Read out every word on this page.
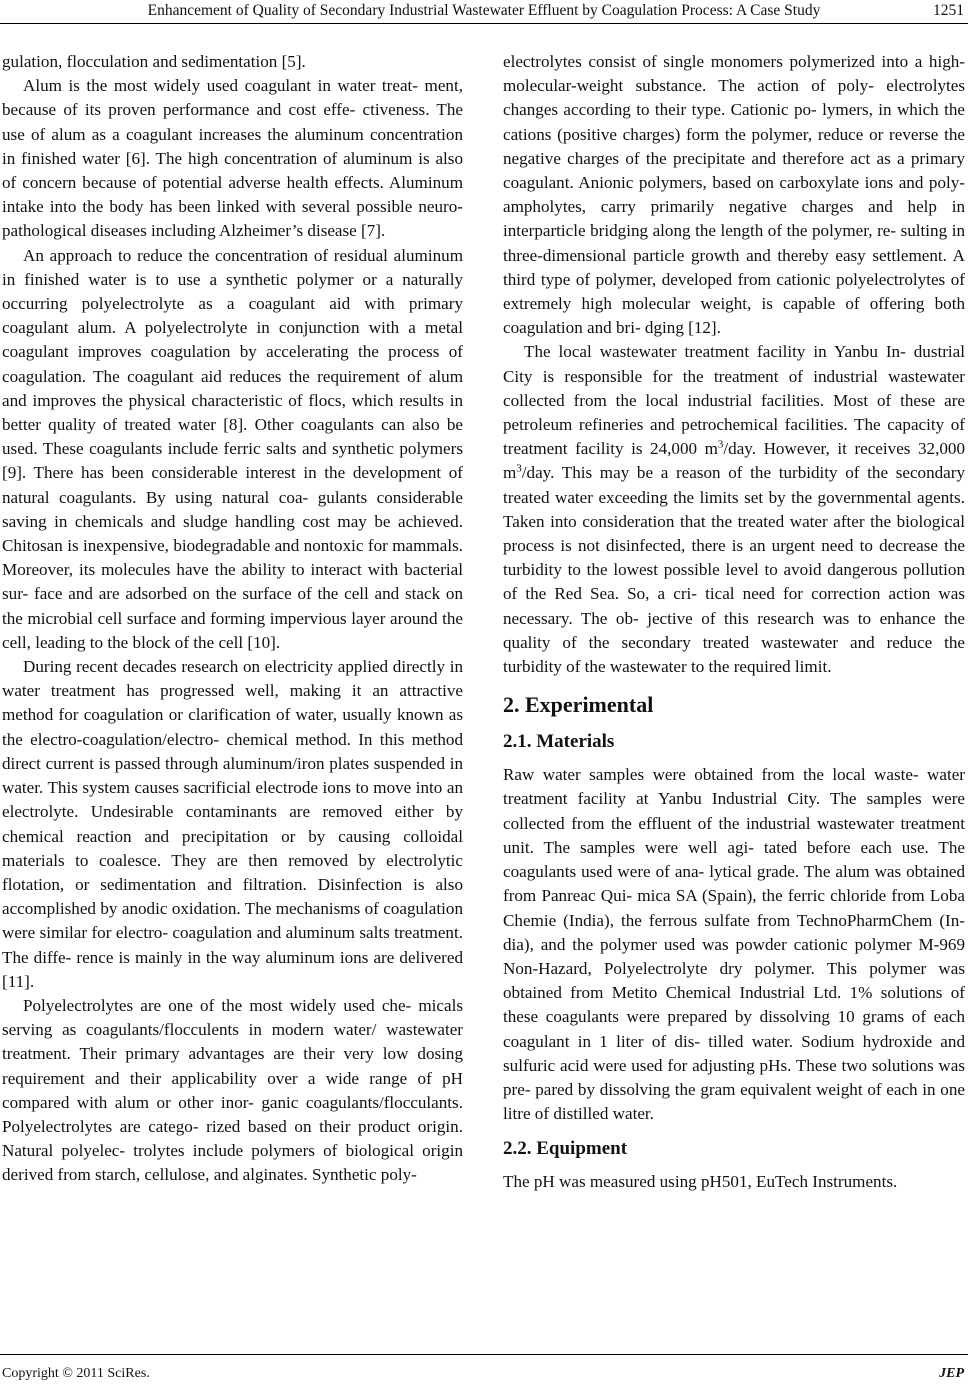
Enhancement of Quality of Secondary Industrial Wastewater Effluent by Coagulation Process: A Case Study	1251

gulation, flocculation and sedimentation [5].

Alum is the most widely used coagulant in water treat- ment, because of its proven performance and cost effe- ctiveness. The use of alum as a coagulant increases the aluminum concentration in finished water [6]. The high concentration of aluminum is also of concern because of potential adverse health effects. Aluminum intake into the body has been linked with several possible neuro- pathological diseases including Alzheimer’s disease [7].

An approach to reduce the concentration of residual aluminum in finished water is to use a synthetic polymer or a naturally occurring polyelectrolyte as a coagulant aid with primary coagulant alum. A polyelectrolyte in conjunction with a metal coagulant improves coagulation by accelerating the process of coagulation. The coagulant aid reduces the requirement of alum and improves the physical characteristic of flocs, which results in better quality of treated water [8]. Other coagulants can also be used. These coagulants include ferric salts and synthetic polymers [9]. There has been considerable interest in the development of natural coagulants. By using natural coa- gulants considerable saving in chemicals and sludge handling cost may be achieved. Chitosan is inexpensive, biodegradable and nontoxic for mammals. Moreover, its molecules have the ability to interact with bacterial sur- face and are adsorbed on the surface of the cell and stack on the microbial cell surface and forming impervious layer around the cell, leading to the block of the cell [10].

During recent decades research on electricity applied directly in water treatment has progressed well, making it an attractive method for coagulation or clarification of water, usually known as the electro-coagulation/electro- chemical method. In this method direct current is passed through aluminum/iron plates suspended in water. This system causes sacrificial electrode ions to move into an electrolyte. Undesirable contaminants are removed either by chemical reaction and precipitation or by causing colloidal materials to coalesce. They are then removed by electrolytic flotation, or sedimentation and filtration. Disinfection is also accomplished by anodic oxidation. The mechanisms of coagulation were similar for electro- coagulation and aluminum salts treatment. The diffe- rence is mainly in the way aluminum ions are delivered [11].

Polyelectrolytes are one of the most widely used che- micals serving as coagulants/flocculents in modern water/ wastewater treatment. Their primary advantages are their very low dosing requirement and their applicability over a wide range of pH compared with alum or other inor- ganic coagulants/flocculants. Polyelectrolytes are catego- rized based on their product origin. Natural polyelec- trolytes include polymers of biological origin derived from starch, cellulose, and alginates. Synthetic poly-

electrolytes consist of single monomers polymerized into a high-molecular-weight substance. The action of poly- electrolytes changes according to their type. Cationic po- lymers, in which the cations (positive charges) form the polymer, reduce or reverse the negative charges of the precipitate and therefore act as a primary coagulant. Anionic polymers, based on carboxylate ions and poly- ampholytes, carry primarily negative charges and help in interparticle bridging along the length of the polymer, re- sulting in three-dimensional particle growth and thereby easy settlement. A third type of polymer, developed from cationic polyelectrolytes of extremely high molecular weight, is capable of offering both coagulation and bri- dging [12].

The local wastewater treatment facility in Yanbu In- dustrial City is responsible for the treatment of industrial wastewater collected from the local industrial facilities. Most of these are petroleum refineries and petrochemical facilities. The capacity of treatment facility is 24,000 $m^3$/day. However, it receives 32,000 $m^3$/day. This may be a reason of the turbidity of the secondary treated water exceeding the limits set by the governmental agents. Taken into consideration that the treated water after the biological process is not disinfected, there is an urgent need to decrease the turbidity to the lowest possible level to avoid dangerous pollution of the Red Sea. So, a cri- tical need for correction action was necessary. The ob- jective of this research was to enhance the quality of the secondary treated wastewater and reduce the turbidity of the wastewater to the required limit.

2. Experimental
2.1. Materials

Raw water samples were obtained from the local waste- water treatment facility at Yanbu Industrial City. The samples were collected from the effluent of the industrial wastewater treatment unit. The samples were well agi- tated before each use. The coagulants used were of ana- lytical grade. The alum was obtained from Panreac Qui- mica SA (Spain), the ferric chloride from Loba Chemie (India), the ferrous sulfate from TechnoPharmChem (In- dia), and the polymer used was powder cationic polymer M-969 Non-Hazard, Polyelectrolyte dry polymer. This polymer was obtained from Metito Chemical Industrial Ltd. 1% solutions of these coagulants were prepared by dissolving 10 grams of each coagulant in 1 liter of dis- tilled water. Sodium hydroxide and sulfuric acid were used for adjusting pHs. These two solutions was pre- pared by dissolving the gram equivalent weight of each in one litre of distilled water.

2.2. Equipment

The pH was measured using pH501, EuTech Instruments.

Copyright © 2011 SciRes.	JEP
